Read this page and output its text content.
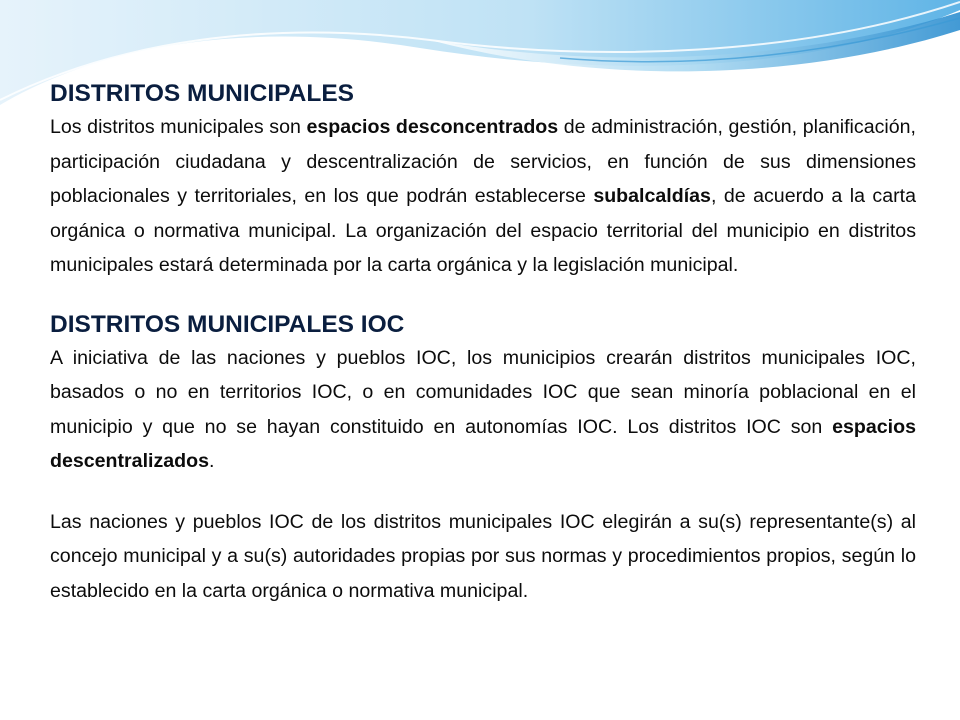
DISTRITOS MUNICIPALES

Los distritos municipales son espacios desconcentrados de administración, gestión, planificación, participación ciudadana y descentralización de servicios, en función de sus dimensiones poblacionales y territoriales, en los que podrán establecerse subalcaldías, de acuerdo a la carta orgánica o normativa municipal. La organización del espacio territorial del municipio en distritos municipales estará determinada por la carta orgánica y la legislación municipal.

DISTRITOS MUNICIPALES IOC

A iniciativa de las naciones y pueblos IOC, los municipios crearán distritos municipales IOC, basados o no en territorios IOC, o en comunidades IOC que sean minoría poblacional en el municipio y que no se hayan constituido en autonomías IOC. Los distritos IOC son espacios descentralizados.

Las naciones y pueblos IOC de los distritos municipales IOC elegirán a su(s) representante(s) al concejo municipal y a su(s) autoridades propias por sus normas y procedimientos propios, según lo establecido en la carta orgánica o normativa municipal.
